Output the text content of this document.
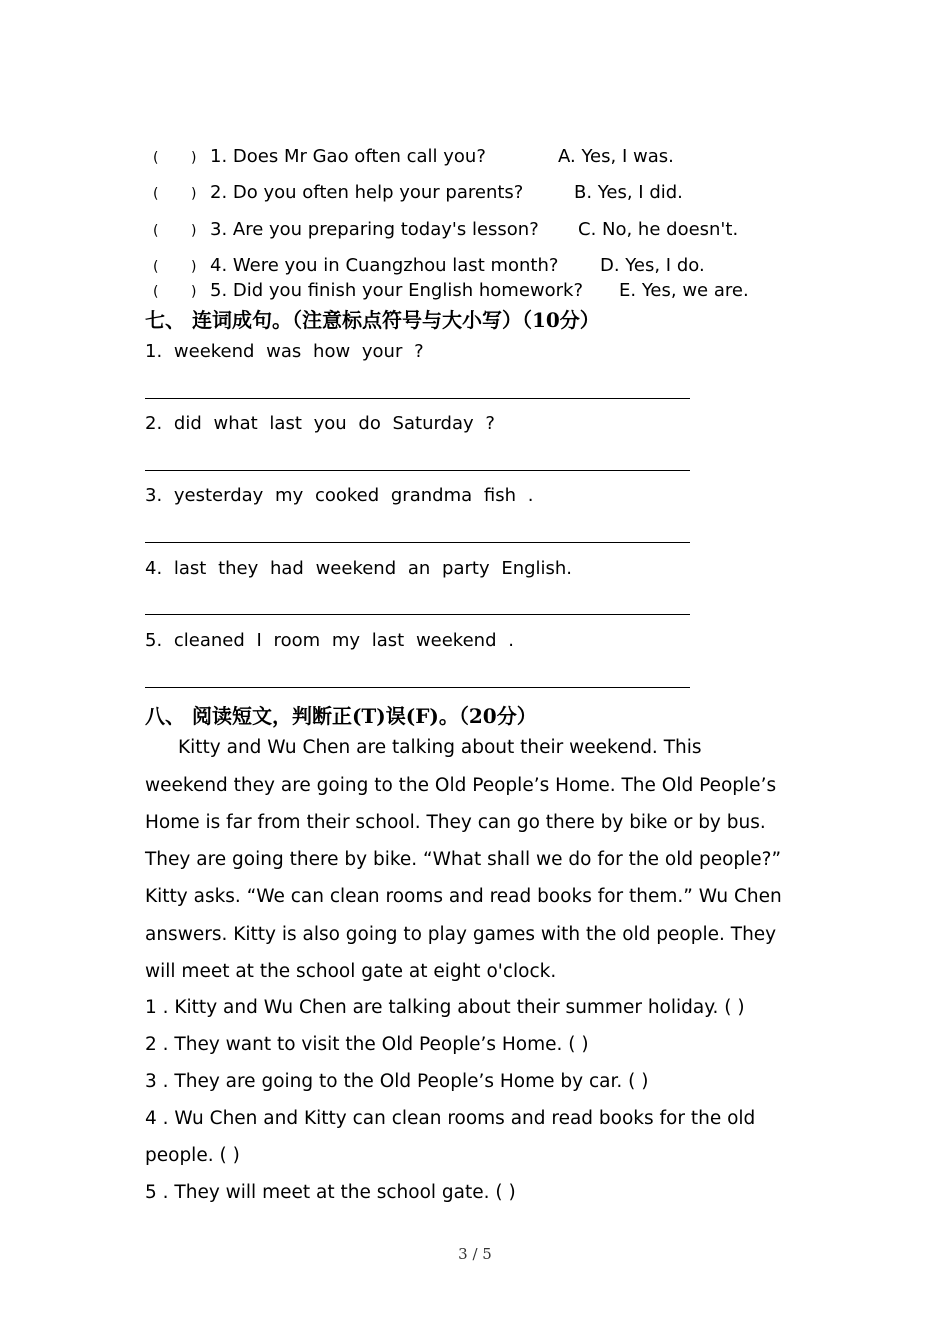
( ) 1. Does Mr Gao often call you?	A. Yes, I was.
( ) 2. Do you often help your parents?	B. Yes, I did.
( ) 3. Are you preparing today's lesson? C. No, he doesn't.
( ) 4. Were you in Cuangzhou last month? D. Yes, I do.
( ) 5. Did you finish your English homework? E. Yes, we are.
七、 连词成句。（注意标点符号与大小写）（10分）
1. weekend was how your ?
2. did what last you do Saturday ?
3. yesterday my cooked grandma fish .
4. last they had weekend an party English.
5. cleaned I room my last weekend .
八、 阅读短文，判断正(T)误(F)。（20分）
Kitty and Wu Chen are talking about their weekend. This
weekend they are going to the Old People’s Home. The Old People’s
Home is far from their school. They can go there by bike or by bus.
They are going there by bike. “What shall we do for the old people?”
Kitty asks. “We can clean rooms and read books for them.” Wu Chen
answers. Kitty is also going to play games with the old people. They
will meet at the school gate at eight o'clock.
1 . Kitty and Wu Chen are talking about their summer holiday. ( )
2 . They want to visit the Old People’s Home. ( )
3 . They are going to the Old People’s Home by car. ( )
4 . Wu Chen and Kitty can clean rooms and read books for the old
people. ( )
5 . They will meet at the school gate. ( )
3 / 5
